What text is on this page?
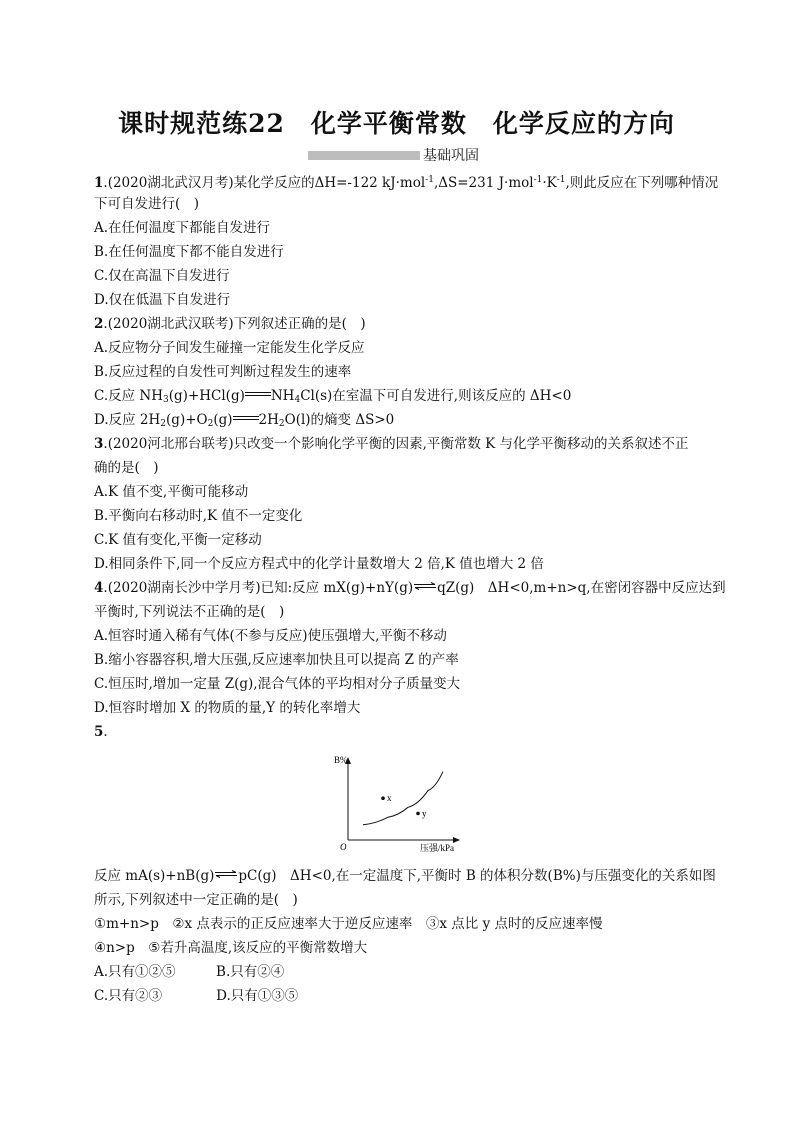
课时规范练22　化学平衡常数　化学反应的方向
基础巩固
1.(2020湖北武汉月考)某化学反应的ΔH=-122 kJ·mol$^{-1}$,ΔS=231 $J\cdot mol^{-1}\cdot K^{-1}$,则此反应在下列哪种情况
下可自发进行(　)
A.在任何温度下都能自发进行
B.在任何温度下都不能自发进行
C.仅在高温下自发进行
D.仅在低温下自发进行
2.(2020湖北武汉联考)下列叙述正确的是(　)
A.反应物分子间发生碰撞一定能发生化学反应
B.反应过程的自发性可判断过程发生的速率
C.反应 $NH_3(g)+HCl(g)$ $NH_4Cl(s)$在室温下可自发进行,则该反应的 ΔH<0
D.反应 $2H_2(g)+O_2(g)$ $2H_2O(l)$的熵变 ΔS>0
3.(2020河北邢台联考)只改变一个影响化学平衡的因素,平衡常数 K 与化学平衡移动的关系叙述不正
确的是(　)
A.K 值不变,平衡可能移动
B.平衡向右移动时,K 值不一定变化
C.K 值有变化,平衡一定移动
D.相同条件下,同一个反应方程式中的化学计量数增大 2 倍,K 值也增大 2 倍
4.(2020湖南长沙中学月考)已知:反应 mX(g)+nY(g)⇌qZ(g)　ΔH<0,m+n>q,在密闭容器中反应达到
平衡时,下列说法不正确的是(　)
A.恒容时通入稀有气体(不参与反应)使压强增大,平衡不移动
B.缩小容器容积,增大压强,反应速率加快且可以提高 Z 的产率
C.恒压时,增加一定量 Z(g),混合气体的平均相对分子质量变大
D.恒容时增加 X 的物质的量,Y 的转化率增大
5.
B%
压强/kPa
O
x
y
反应 mA(s)+nB(g)⇌pC(g)　ΔH<0,在一定温度下,平衡时 B 的体积分数(B%)与压强变化的关系如图
所示,下列叙述中一定正确的是(　)
①m+n>p　②x 点表示的正反应速率大于逆反应速率　③x 点比 y 点时的反应速率慢
④n>p　⑤若升高温度,该反应的平衡常数增大
A.只有①②⑤　　　B.只有②④
C.只有②③　　　　D.只有①③⑤
